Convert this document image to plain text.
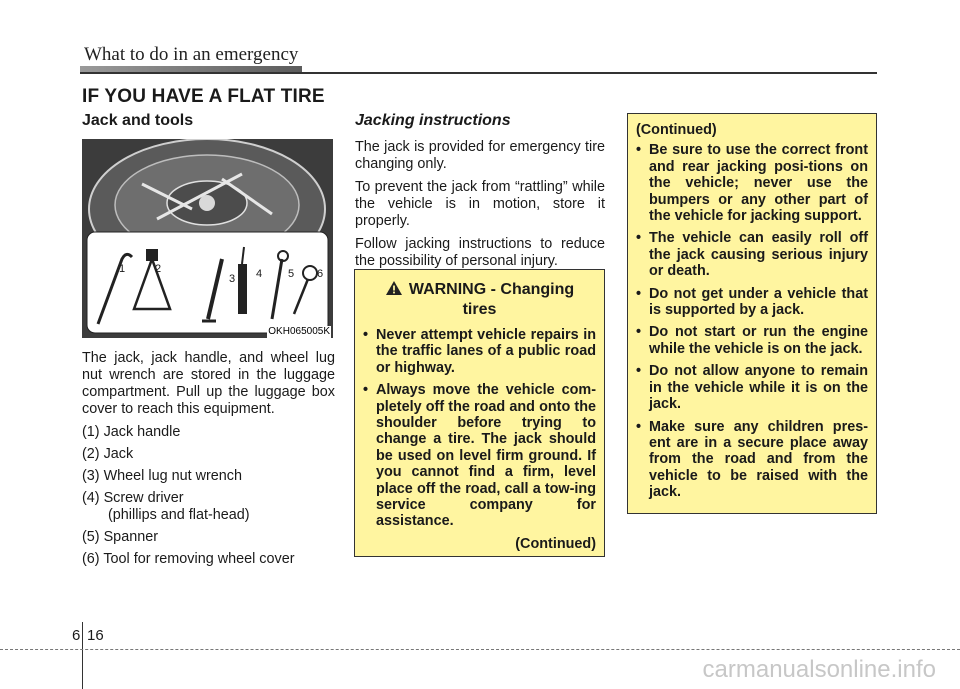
What to do in an emergency
IF YOU HAVE A FLAT TIRE
Jack and tools
1	2
3 4 5 6
OKH065005K

The jack, jack handle, and wheel lug nut wrench are stored in the luggage compartment. Pull up the luggage box cover to reach this equipment.

(1) Jack handle
(2) Jack
(3) Wheel lug nut wrench
(4) Screw driver
(phillips and flat-head)
(5) Spanner
(6) Tool for removing wheel cover
Jacking instructions

The jack is provided for emergency tire changing only.

To prevent the jack from “rattling” while the vehicle is in motion, store it properly.

Follow jacking instructions to reduce the possibility of personal injury.

WARNING - Changing
tires
• Never attempt vehicle repairs in the traffic lanes of a public road or highway.
• Always move the vehicle com-pletely off the road and onto the shoulder before trying to change a tire. The jack should be used on level firm ground. If you cannot find a firm, level place off the road, call a tow-ing service company for assistance.
(Continued)
(Continued)
• Be sure to use the correct front and rear jacking posi-tions on the vehicle; never use the bumpers or any other part of the vehicle for jacking support.
• The vehicle can easily roll off the jack causing serious injury or death.
• Do not get under a vehicle that is supported by a jack.
• Do not start or run the engine while the vehicle is on the jack.
• Do not allow anyone to remain in the vehicle while it is on the jack.
• Make sure any children pres-ent are in a secure place away from the road and from the vehicle to be raised with the jack.
6 16
carmanualsonline.info
